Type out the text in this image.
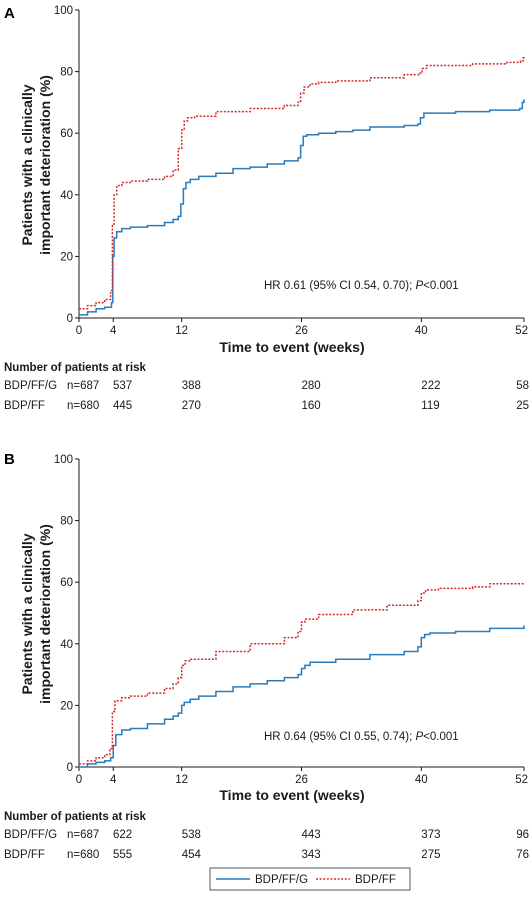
A
0
20
40
60
80
100
0 4	12	26	40	52
Time to event (weeks)
Patients with a clinically important deterioration (%)
HR 0.61 (95% CI 0.54, 0.70); P<0.001
Number of patients at risk
BDP/FF/G n=687 537	388	280	222	58
BDP/FF n=680 445	270	160	119	25
B
0
20
40
60
80
100
0 4	12	26	40	52
Time to event (weeks)
Patients with a clinically important deterioration (%)
HR 0.64 (95% CI 0.55, 0.74); P<0.001
Number of patients at risk
BDP/FF/G n=687 622	538	443	373	96
BDP/FF n=680 555	454	343	275	76
BDP/FF/G	BDP/FF
